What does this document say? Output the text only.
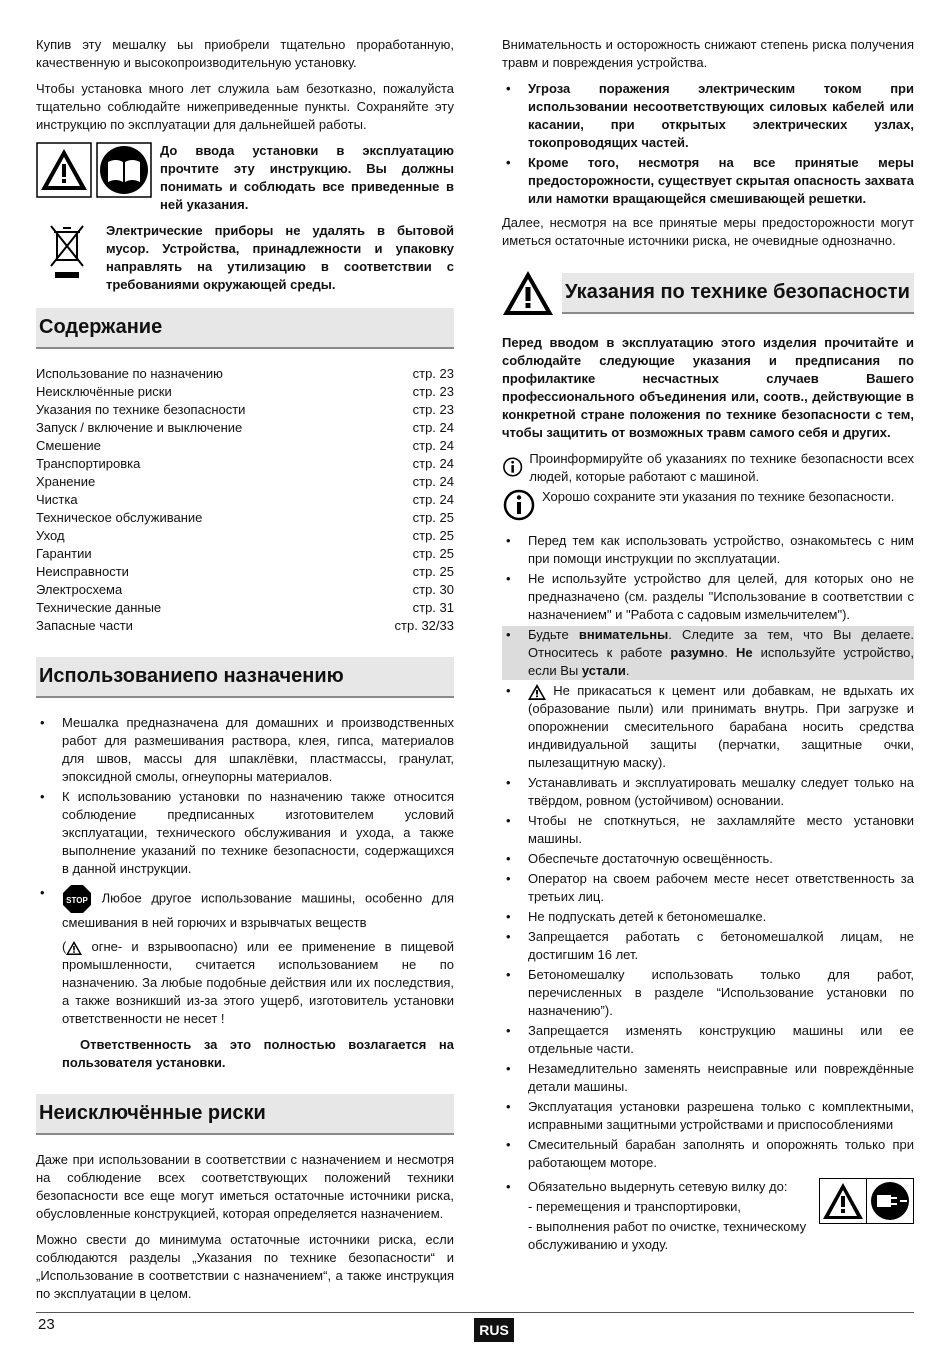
Купив эту мешалку ьы приобрели тщательно проработанную, качественную и высокопроизводительную установку.

Чтобы установка много лет служила ьам безотказно, пожалуйста тщательно соблюдайте нижеприведенные пункты. Сохраняйте эту инструкцию по эксплуатации для дальнейшей работы.

До ввода установки в эксплуатацию прочтите эту инструкцию. Вы должны понимать и соблюдать все приведенные в ней указания.

Электрические приборы не удалять в бытовой мусор. Устройства, принадлежности и упаковку направлять на утилизацию в соответствии с требованиями окружающей среды.

Содержание
Использование по назначению	стр. 23
Неисключённые риски	стр. 23
Указания по технике безопасности	стр. 23
Запуск / включение и выключение	стр. 24
Смешение	стр. 24
Транспортировка	стр. 24
Хранение	стр. 24
Чистка	стр. 24
Техническое обслуживание	стр. 25
Уход	стр. 25
Гарантии	стр. 25
Неисправности	стр. 25
Электросхема	стр. 30
Технические данные	стр. 31
Запасные части	стр. 32/33
Использованиепо назначению
• Мешалка предназначена для домашних и производственных работ для размешивания раствора, клея, гипса, материалов для швов, массы для шпаклёвки, пластмассы, гранулат, эпоксидной смолы, огнеупорны материалов.
• К использованию установки по назначению также относится соблюдение предписанных изготовителем условий эксплуатации, технического обслуживания и ухода, а также выполнение указаний по технике безопасности, содержащихся в данной инструкции.
• STOP Любое другое использование машины, особенно для смешивания в ней горючих и взрывчатых веществ

( огне- и взрывоопасно) или ее применение в пищевой промышленности, считается использованием не по назначению. За любые подобные действия или их последствия, а также возникший из-за этого ущерб, изготовитель установки ответственности не несет !

Ответственность за это полностью возлагается на пользователя установки.

Неисключённые риски

Даже при использовании в соответствии с назначением и несмотря на соблюдение всех соответствующих положений техники безопасности все еще могут иметься остаточные источники риска, обусловленные конструкцией, которая определяется назначением.

Можно свести до минимума остаточные источники риска, если соблюдаются разделы „Указания по технике безопасности“ и „Использование в соответствии с назначением“, а также инструкция по эксплуатации в целом.

Внимательность и осторожность снижают степень риска получения травм и повреждения устройства.

• Угроза поражения электрическим током при использовании несоответствующих силовых кабелей или касании, при открытых электрических узлах, токопроводящих частей.
• Кроме того, несмотря на все принятые меры предосторожности, существует скрытая опасность захвата или намотки вращающейся смешивающей решетки.

Далее, несмотря на все принятые меры предосторожности могут иметься остаточные источники риска, не очевидные однозначно.

Указания по технике безопасности

Перед вводом в эксплуатацию этого изделия прочитайте и соблюдайте следующие указания и предписания по профилактике несчастных случаев Вашего профессионального объединения или, соотв., действующие в конкретной стране положения по технике безопасности с тем, чтобы защитить от возможных травм самого себя и других.

Проинформируйте об указаниях по технике безопасности всех людей, которые работают с машиной.

Хорошо сохраните эти указания по технике безопасности.

• Перед тем как использовать устройство, ознакомьтесь с ним при помощи инструкции по эксплуатации.
• Не используйте устройство для целей, для которых оно не предназначено (см. разделы "Использование в соответствии с назначением" и "Работа с садовым измельчителем").
• Будьте внимательны. Следите за тем, что Вы делаете. Относитесь к работе разумно. Не используйте устройство, если Вы устали.
• Не прикасаться к цемент или добавкам, не вдыхать их (образование пыли) или принимать внутрь. При загрузке и опорожнении смесительного барабана носить средства индивидуальной защиты (перчатки, защитные очки, пылезащитную маску).
• Устанавливать и эксплуатировать мешалку следует только на твёрдом, ровном (устойчивом) основании.
• Чтобы не споткнуться, не захламляйте место установки машины.
• Обеспечьте достаточную освещённость.
• Оператор на своем рабочем месте несет ответственность за третьих лиц.
• Не подпускать детей к бетономешалке.
• Запрещается работать с бетономешалкой лицам, не достигшим 16 лет.
• Бетономешалку использовать только для работ, перечисленных в разделе “Использование установки по назначению”).
• Запрещается изменять конструкцию машины или ее отдельные части.
• Незамедлительно заменять неисправные или повреждённые детали машины.
• Эксплуатация установки разрешена только с комплектными, исправными защитными устройствами и приспособлениями
• Смесительный барабан заполнять и опорожнять только при работающем моторе.
• Обязательно выдернуть сетевую вилку до:

- перемещения и транспортировки,

- выполнения работ по очистке, техническому обслуживанию и уходу.

23	RUS
